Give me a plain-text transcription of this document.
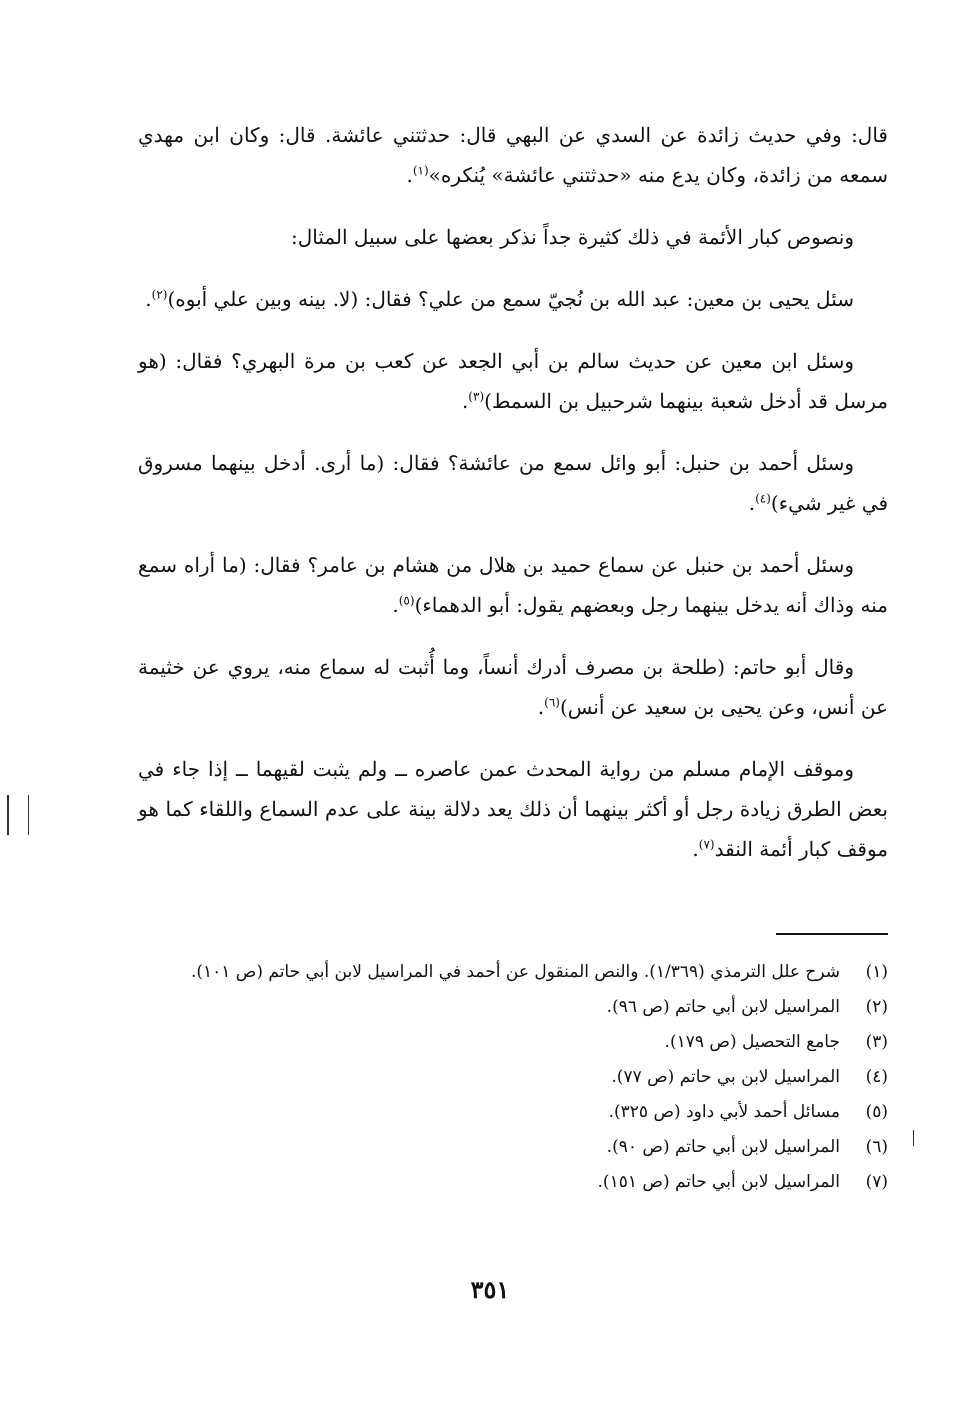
قال: وفي حديث زائدة عن السدي عن البهي قال: حدثتني عائشة. قال: وكان ابن مهدي سمعه من زائدة، وكان يدع منه «حدثتني عائشة» يُنكره»$^{(١)}$.

ونصوص كبار الأئمة في ذلك كثيرة جداً نذكر بعضها على سبيل المثال:

سئل يحيى بن معين: عبد الله بن نُجيّ سمع من علي؟ فقال: (لا. بينه وبين علي أبوه)$^{(٢)}$.

وسئل ابن معين عن حديث سالم بن أبي الجعد عن كعب بن مرة البهري؟ فقال: (هو مرسل قد أدخل شعبة بينهما شرحبيل بن السمط)$^{(٣)}$.

وسئل أحمد بن حنبل: أبو وائل سمع من عائشة؟ فقال: (ما أرى. أدخل بينهما مسروق في غير شيء)$^{(٤)}$.

وسئل أحمد بن حنبل عن سماع حميد بن هلال من هشام بن عامر؟ فقال: (ما أراه سمع منه وذاك أنه يدخل بينهما رجل وبعضهم يقول: أبو الدهماء)$^{(٥)}$.

وقال أبو حاتم: (طلحة بن مصرف أدرك أنساً، وما أُثبت له سماع منه، يروي عن خثيمة عن أنس، وعن يحيى بن سعيد عن أنس)$^{(٦)}$.

وموقف الإمام مسلم من رواية المحدث عمن عاصره ــ ولم يثبت لقيهما ــ إذا جاء في بعض الطرق زيادة رجل أو أكثر بينهما أن ذلك يعد دلالة بينة على عدم السماع واللقاء كما هو موقف كبار أئمة النقد$^{(٧)}$.

(١)
شرح علل الترمذي (١/٣٦٩). والنص المنقول عن أحمد في المراسيل لابن أبي حاتم (ص ١٠١).
(٢)
المراسيل لابن أبي حاتم (ص ٩٦).
(٣)
جامع التحصيل (ص ١٧٩).
(٤)
المراسيل لابن بي حاتم (ص ٧٧).
(٥)
مسائل أحمد لأبي داود (ص ٣٢٥).
(٦)
المراسيل لابن أبي حاتم (ص ٩٠).
(٧)
المراسيل لابن أبي حاتم (ص ١٥١).
٣٥١
